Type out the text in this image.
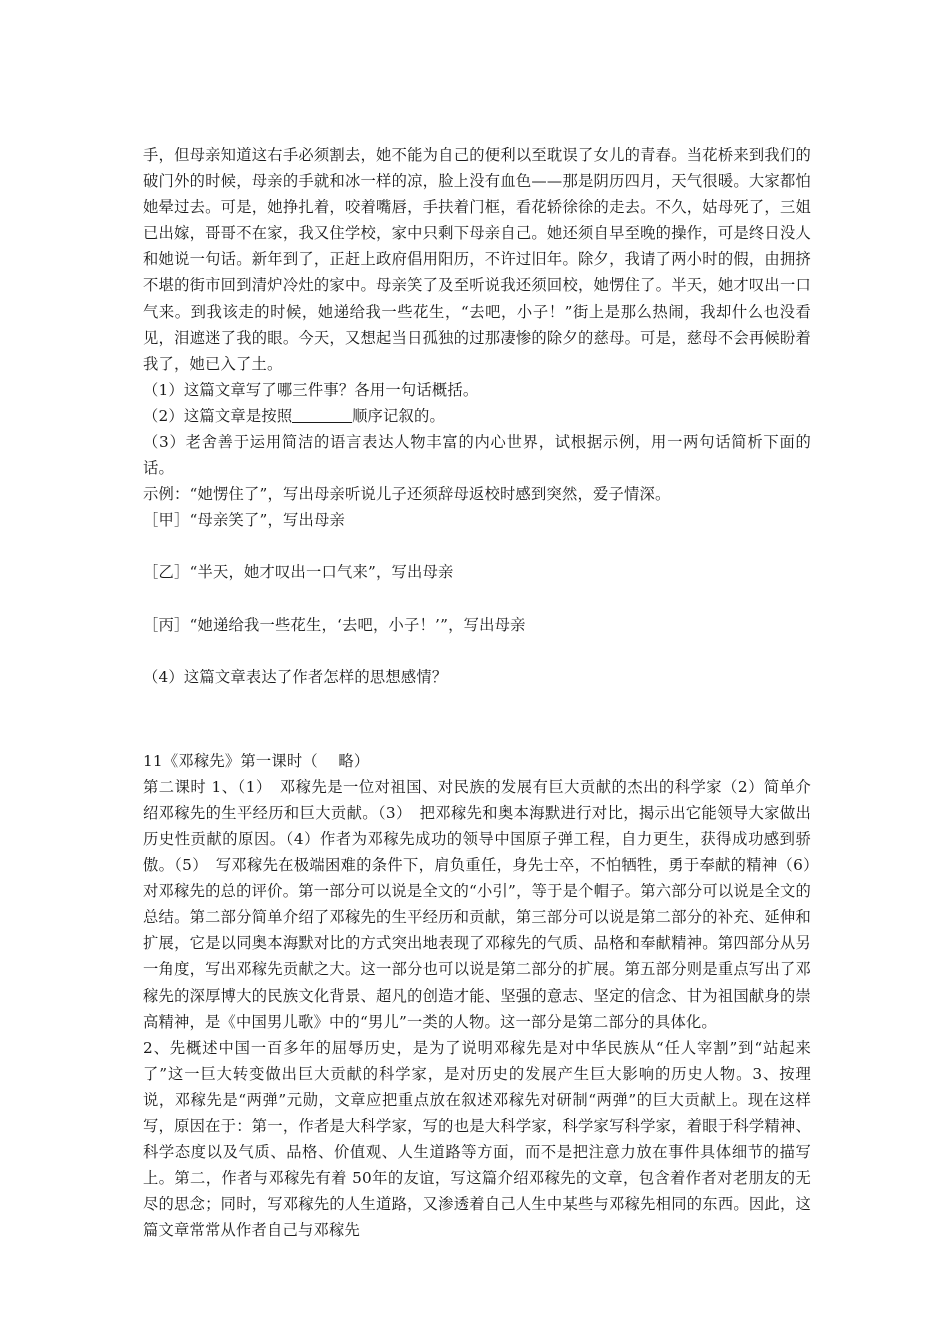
手，但母亲知道这右手必须割去，她不能为自己的便利以至耽误了女儿的青春。当花桥来到我们的破门外的时候，母亲的手就和冰一样的凉，脸上没有血色——那是阴历四月，天气很暖。大家都怕她晕过去。可是，她挣扎着，咬着嘴唇，手扶着门框，看花轿徐徐的走去。不久，姑母死了，三姐已出嫁，哥哥不在家，我又住学校，家中只剩下母亲自己。她还须自早至晚的操作，可是终日没人和她说一句话。新年到了，正赶上政府倡用阳历，不许过旧年。除夕，我请了两小时的假，由拥挤不堪的街市回到清炉冷灶的家中。母亲笑了及至听说我还须回校，她愣住了。半天，她才叹出一口气来。到我该走的时候，她递给我一些花生，“去吧，小子！”街上是那么热闹，我却什么也没看见，泪遮迷了我的眼。今天，又想起当日孤独的过那凄惨的除夕的慈母。可是，慈母不会再候盼着我了，她已入了土。

（1）这篇文章写了哪三件事？各用一句话概括。

（2）这篇文章是按照	顺序记叙的。

（3）老舍善于运用简洁的语言表达人物丰富的内心世界，试根据示例，用一两句话简析下面的话。

示例：“她愣住了”，写出母亲听说儿子还须辞母返校时感到突然，爱子情深。

［甲］“母亲笑了”，写出母亲

［乙］“半天，她才叹出一口气来”，写出母亲

［丙］“她递给我一些花生，‘去吧，小子！’”，写出母亲

（4）这篇文章表达了作者怎样的思想感情？

11《邓稼先》第一课时（　 略）

第二课时 1、（1）　邓稼先是一位对祖国、对民族的发展有巨大贡献的杰出的科学家（2）简单介绍邓稼先的生平经历和巨大贡献。（3）　把邓稼先和奥本海默进行对比，揭示出它能领导大家做出历史性贡献的原因。（4）作者为邓稼先成功的领导中国原子弹工程，自力更生，获得成功感到骄傲。（5）　写邓稼先在极端困难的条件下，肩负重任，身先士卒，不怕牺牲，勇于奉献的精神（6）　对邓稼先的总的评价。第一部分可以说是全文的“小引”，等于是个帽子。第六部分可以说是全文的总结。第二部分简单介绍了邓稼先的生平经历和贡献，第三部分可以说是第二部分的补充、延伸和扩展，它是以同奥本海默对比的方式突出地表现了邓稼先的气质、品格和奉献精神。第四部分从另一角度，写出邓稼先贡献之大。这一部分也可以说是第二部分的扩展。第五部分则是重点写出了邓稼先的深厚博大的民族文化背景、超凡的创造才能、坚强的意志、坚定的信念、甘为祖国献身的崇高精神，是《中国男儿歌》中的“男儿”一类的人物。这一部分是第二部分的具体化。

2、先概述中国一百多年的屈辱历史，是为了说明邓稼先是对中华民族从“任人宰割”到“站起来了”这一巨大转变做出巨大贡献的科学家，是对历史的发展产生巨大影响的历史人物。3、按理说，邓稼先是“两弹”元勋，文章应把重点放在叙述邓稼先对研制“两弹”的巨大贡献上。现在这样写，原因在于：第一，作者是大科学家，写的也是大科学家，科学家写科学家，着眼于科学精神、科学态度以及气质、品格、价值观、人生道路等方面，而不是把注意力放在事件具体细节的描写上。第二，作者与邓稼先有着 50年的友谊，写这篇介绍邓稼先的文章，包含着作者对老朋友的无尽的思念；同时，写邓稼先的人生道路，又渗透着自己人生中某些与邓稼先相同的东西。因此，这篇文章常常从作者自己与邓稼先
